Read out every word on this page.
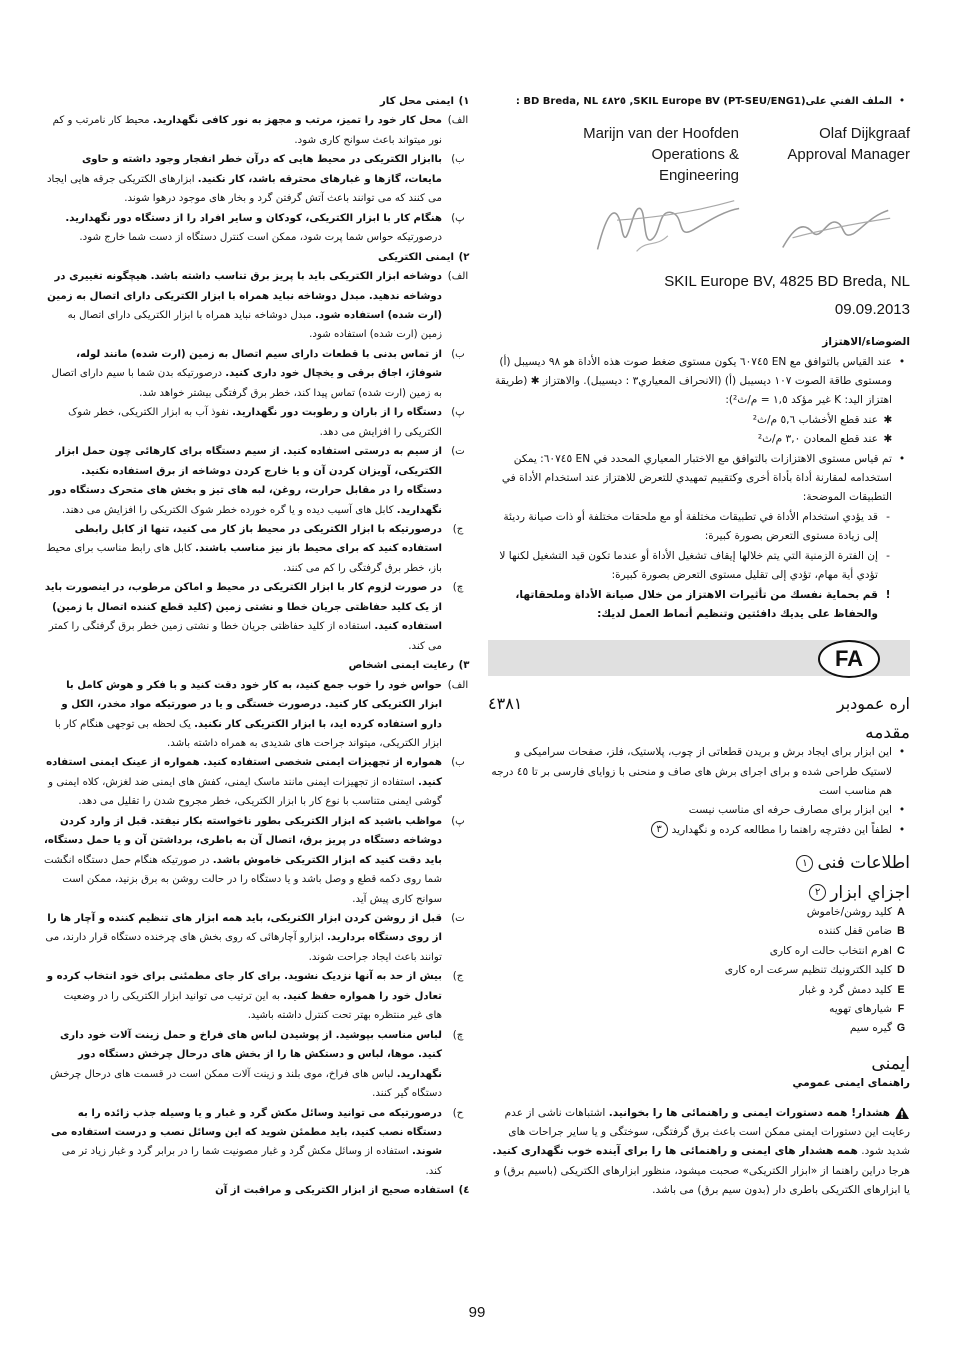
•
الملف الفني علىSKIL Europe BV (PT-SEU/ENG1), ٤٨٢٥ BD Breda, NL :

Marijn van der Hoofden

Operations & Engineering

Olaf Dijkgraaf

Approval Manager

SKIL Europe BV, 4825 BD Breda, NL

09.09.2013

الضوضاء/الاهتزاز

•
عند القياس بالتوافق مع EN ٦٠٧٤٥ يكون مستوى ضغط صوت هذه الأداة هو ٩٨ ديسيبل (أ) ومستوى طاقة الصوت ١٠٧ ديسيبل (أ) (الانحراف المعياري٣ : ديسيبل). والاهتزاز ✱ (طريقة اهتزاز اليد: K غير مؤكد ١,٥ = م/ث²):
✱
عند قطع الأخشاب ٥,٦ م/ث²
✱
عند قطع المعادن ٣,٠ م/ث²
•
تم قياس مستوى الاهتزازات بالتوافق مع الاختبار المعياري المحدد في EN ٦٠٧٤٥: يمكن استخدامه لمقارنة أداة بأداة أخرى وكتقييم تمهيدي للتعرض للاهتزاز عند استخدام الأداة في التطبيقات الموضحة:
-
قد يؤدي استخدام الأداة في تطبيقات مختلفة أو مع ملحقات مختلفة أو ذات صيانة رديئة إلى زيادة مستوى التعرض بصورة كبيرة:
-
إن الفترة الزمنية التي يتم خلالها إيقاف تشغيل الأداة أو عندما تكون قيد التشغيل لكنها لا تؤدي أية مهام، تؤدي إلى تقليل مستوى التعرض بصورة كبيرة:
!
قم بحماية نفسك من تأثيرات الاهتزاز من خلال صيانة الأداة وملحقاتها، والحفاظ على يديك دافئتين وتنظيم أنماط العمل لديك:
FA
اره عمودبر
٤٣٨١

مقدمه

•
این ابزار برای ایجاد برش و بریدن قطعاتی از چوب، پلاستیک، فلز، صفحات سرامیکی و لاستیک طراحی شده و برای اجرای برش های صاف و منحنی با زوایای فارسی بر تا ٤٥ درجه هم مناسب است
•
این ابزار برای مصارف حرفه ای مناسب نیست
•
لطفاً این دفترچه راهنما را مطالعه کرده و نگهدارید٣

اطلاعات فنی١

اجزاي ابزار٢

A
کليد روشن/خاموش
B
ضامن قفل کننده
C
اهرم انتخاب حالت اره کاری
D
کليد الكترونيك تنظيم سرعت اره كاری
E
کليد دمش گرد و غبار
F
شيارهای تهويه
G
گيره سيم

ايمنی

راهنمای ايمنی عمومي

هشدار! همه دستورات ايمنی و راهنمائی ها را بخوانيد. اشتباهات ناشی از عدم رعايت اين دستورات ايمنی ممکن است باعث برق گرفتگی، سوختگی و يا سایر جراحات های شديد شود. همه هشدار های ايمنی و راهنمائی ها را برای آينده خوب نگهداری کنيد. هرجا دراين راهنما از «ابزار الکتريکی» صحبت ميشود، منظور ابزارهای الکتريکی (باسيم برق) و يا ابزارهای الکتريکی باطری دار (بدون سيم برق) می باشد.

١)
ايمنی محل كار
الف)
محل کار خود را تميز، مرتب و مجهز به نور کافی نگهداريد. محيط كار نامرتب و كم نور ميتواند باعث سوانح كاری شود.
ب)
باابزار الكتريكی در محيط هايی كه درآن خطر انفجار وجود داشته و حاوی مايعات، گازها و غبارهای محترقه باشد، كار نكنيد. ابزارهای الكتريكی جرقه هايی ايجاد می كنند كه می توانند باعث آتش گرفتن گرد و بخار های موجود درهوا شوند.
پ)
هنگام كار با ابزار الكتريكی، كودكان و ساير افراد را از دستگاه دور نگهداريد. درصورتيكه حواس شما پرت شود، ممكن است كنترل دستگاه از دست شما خارج شود.
٢)
ايمنی الكتريكی
الف)
دوشاخه ابزار الکتريکی بايد با پريز برق تناسب داشته باشد. هيچگونه تغييری در دوشاخه ندهيد. مبدل دوشاخه نبايد همراه با ابزار الكتريكی دارای اتصال به زمين (ارت شده) استفاده شود. مبدل دوشاخه نبايد همراه با ابزار الكتريكی دارای اتصال به زمين (ارت شده) استفاده شود.
ب)
از تماس بدنی با قطعات دارای سيم اتصال به زمين (ارت شده) مانند لوله، شوفاژ، اجاق برقی و يخچال خود داری كنيد. درصورتيكه بدن شما با سيم دارای اتصال به زمين (ارت شده) تماس پيدا كند، خطر برق گرفتگی بيشتر خواهد شد.
پ)
دستگاه را از باران و رطوبت دور نگهداريد. نفوذ آب به ابزار الكتريكی، خطر شوک الكتريكی را افزايش می دهد.
ت)
از سيم به درستی استفاده كنيد. از سيم دستگاه برای كارهائی چون حمل ابزار الكتريكی، آويزان كردن آن و يا خارج كردن دوشاخه از برق استفاده نكنيد. دستگاه را در مقابل حرارت، روغن، لبه های تيز و بخش های متحرک دستگاه دور نگهداريد. كابل های آسيب ديده و يا گره خورده خطر شوک الكتريكی را افزايش می دهند.
ج)
درصورتيكه با ابزار الكتريكی در محيط باز كار می كنيد، تنها از كابل رابطی استفاده كنيد كه برای محيط باز نيز مناسب باشند. كابل های رابط مناسب برای محيط باز، خطر برق گرفتگی را كم می كنند.
چ)
در صورت لزوم كار با ابزار الكتريكی در محيط و اماكن مرطوب، در اينصورت بايد از يک كليد حفاظتی جريان خطا و نشتی زمين (كليد قطع كننده اتصال با زمين) استفاده كنيد. استفاده از كليد حفاظتی جريان خطا و نشتی زمين خطر برق گرفتگی را كمتر می كند.
٣)
رعايت ايمنی اشخاص
الف)
حواس خود را خوب جمع كنيد، به كار خود دقت كنيد و با فكر و هوش كامل با ابزار الكتريكی كار كنيد. درصورت خستگی و يا در صورتيكه مواد مخدر، الكل و دارو استفاده كرده ايد، با ابزار الكتريكی كار نكنيد. يک لحظه بی توجهی هنگام كار با ابزار الكتريكی، ميتواند جراحت های شديدی به همراه داشته باشد.
ب)
همواره از تجهيزات ايمنی شخصی استفاده كنيد. همواره از عينک ايمنی استفاده كنيد. استفاده از تجهيزات ايمنی مانند ماسک ايمنی، كفش های ايمنی ضد لغزش، كلاه ايمنی و گوشی ايمنی متناسب با نوع كار با ابزار الكتريكی، خطر مجروح شدن را تقليل می دهد.
پ)
مواظب باشيد كه ابزار الكتريكی بطور ناخواسته بكار نيفتد. قبل از وارد كردن دوشاخه دستگاه در پريز برق، اتصال آن به باطری، برداشتن آن و يا حمل دستگاه، بايد دقت كنيد كه ابزار الكتريكی خاموش باشد. در صورتيكه هنگام حمل دستگاه انگشت شما روی دكمه قطع و وصل باشد و يا دستگاه را در حالت روشن به برق بزنيد، ممكن است سوانح كاری پيش آيد.
ت)
قبل از روشن كردن ابزار الكتريكی، بايد همه ابزار های تنظيم كننده و آچار ها را از روی دستگاه برداريد. ابزارو آچارهائی كه روی بخش های چرخنده دستگاه قرار دارند، می توانند باعث ايجاد جراحت شوند.
ج)
بيش از حد به آنها نزديک نشويد. برای كار جای مطمئنی برای خود انتخاب كرده و تعادل خود را همواره حفظ كنيد. به اين ترتيب می توانيد ابزار الكتريكی را در وضعيت های غير منتظره بهتر تحت كنترل داشته باشيد.
چ)
لباس مناسب بپوشيد. از پوشيدن لباس های فراخ و حمل زينت آلات خود داری كنيد. موها، لباس و دستكش ها را از بخش های درحال چرخش دستگاه دور نگهداريد. لباس های فراخ، موی بلند و زينت آلات ممكن است در قسمت های درحال چرخش دستگاه گير كنند.
ح)
درصورتيكه می توانيد وسائل مكش گرد و غبار و يا وسيله جذب زائده را به دستگاه نصب كنيد، بايد مطمئن شويد كه اين وسائل نصب و درست استفاده می شوند. استفاده از وسائل مكش گرد و غبار مصونيت شما را در برابر گرد و غبار زياد تر می كند.
٤)
استفاده صحيح از ابزار الكتريكی و مراقبت از آن
99
